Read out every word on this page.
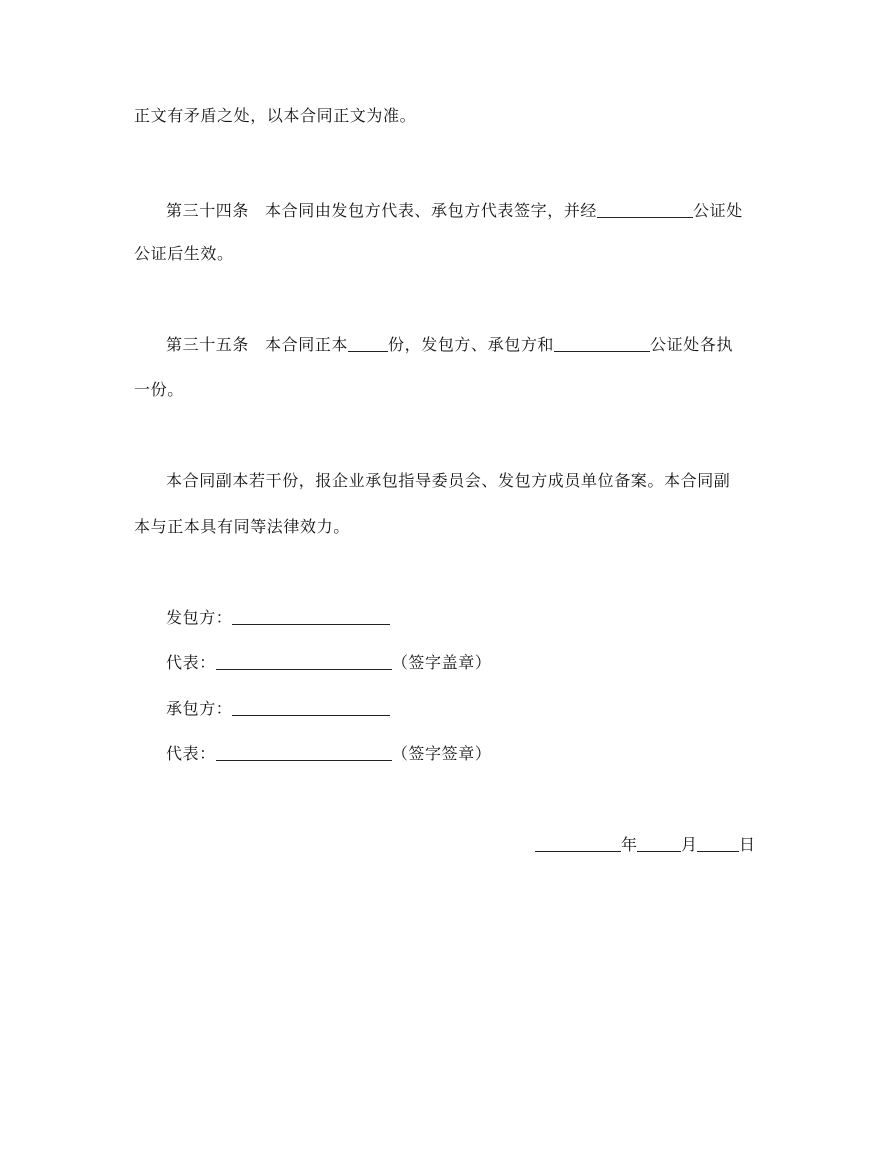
正文有矛盾之处，以本合同正文为准。
第三十四条 本合同由发包方代表、承包方代表签字，并经	公证处
公证后生效。
第三十五条 本合同正本	份，发包方、承包方和	公证处各执
一份。
本合同副本若干份，报企业承包指导委员会、发包方成员单位备案。本合同副
本与正本具有同等法律效力。
发包方：
代表：	（签字盖章）
承包方：
代表：	（签字签章）
年	月	日
